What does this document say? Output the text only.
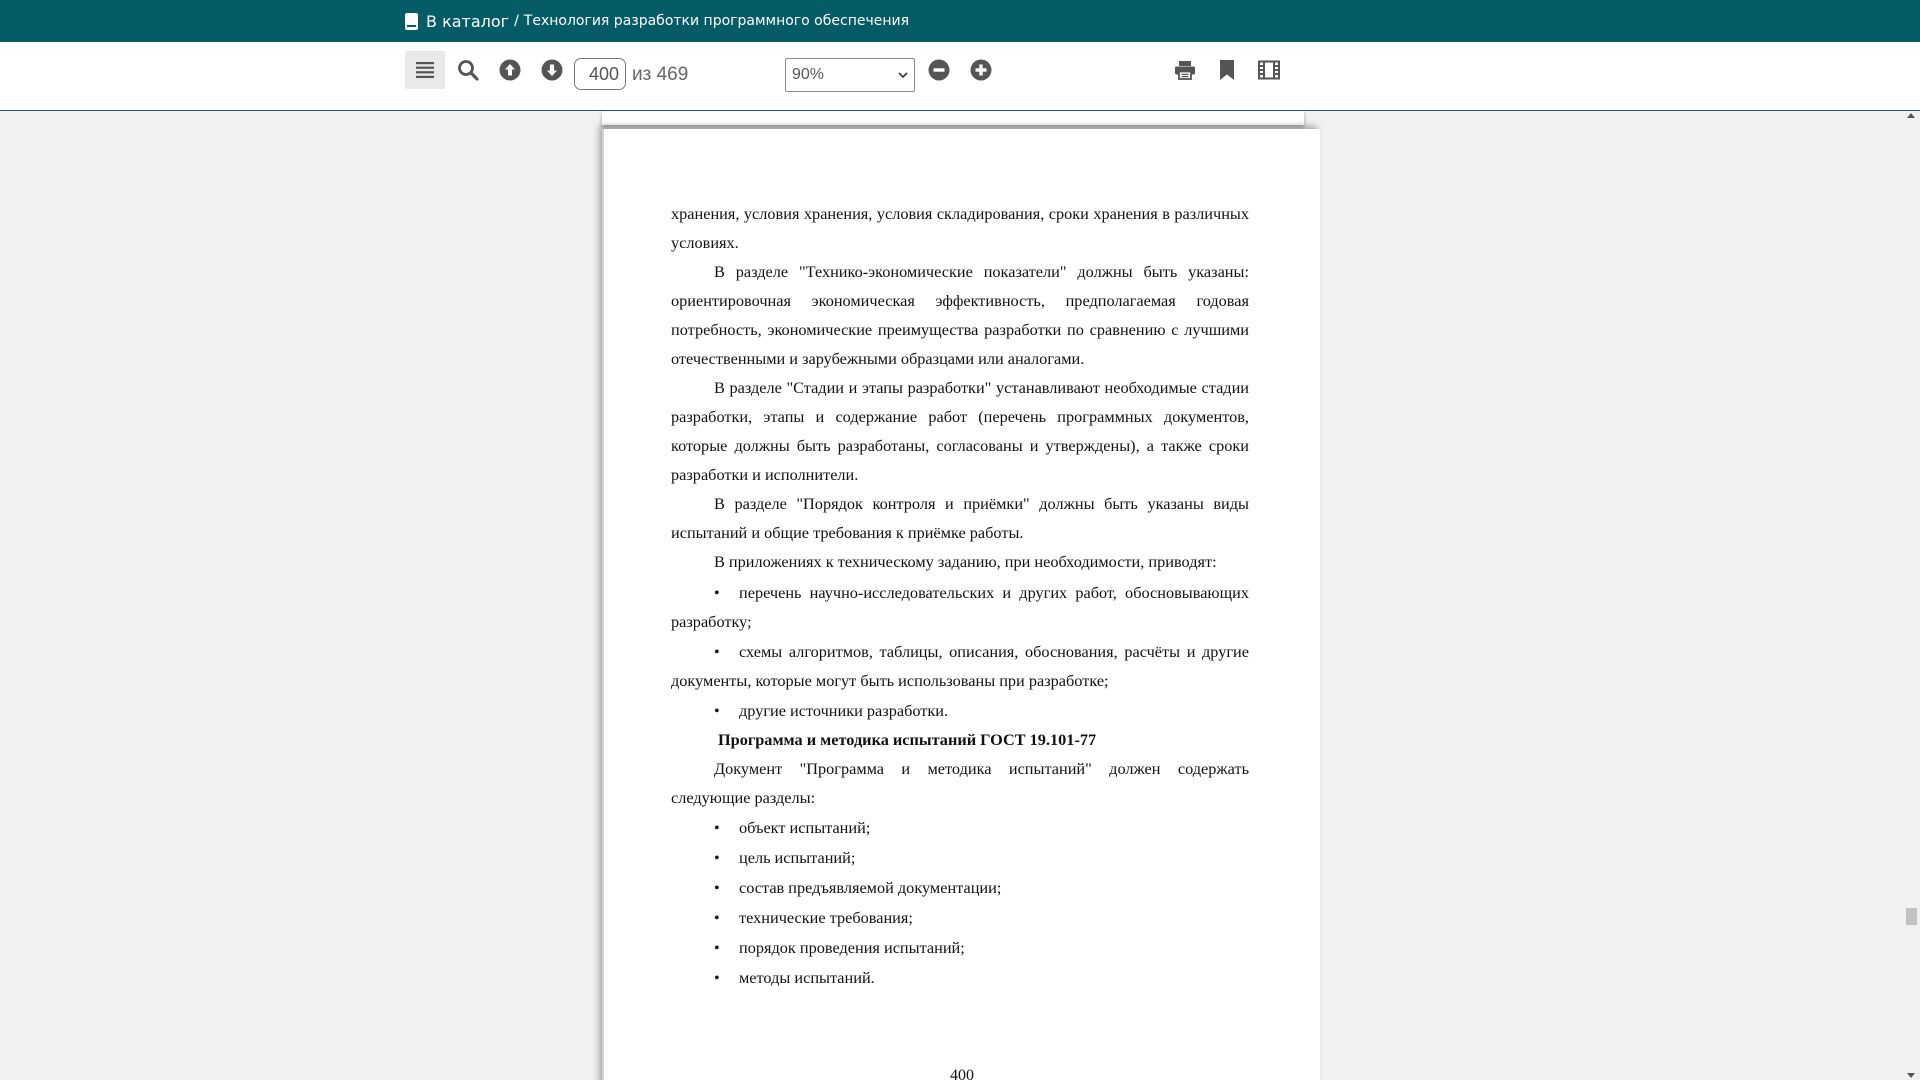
В каталог / Технология разработки программного обеспечения
400
из 469	90%

хранения, условия хранения, условия складирования, сроки хранения в различных условиях.

В разделе "Технико-экономические показатели" должны быть указаны: ориентировочная экономическая эффективность, предполагаемая годовая потребность, экономические преимущества разработки по сравнению с лучшими отечественными и зарубежными образцами или аналогами.

В разделе "Стадии и этапы разработки" устанавливают необходимые стадии разработки, этапы и содержание работ (перечень программных документов, которые должны быть разработаны, согласованы и утверждены), а также сроки разработки и исполнители.

В разделе "Порядок контроля и приёмки" должны быть указаны виды испытаний и общие требования к приёмке работы.

В приложениях к техническому заданию, при необходимости, приводят:

• перечень научно-исследовательских и других работ, обосновывающих разработку;

• схемы алгоритмов, таблицы, описания, обоснования, расчёты и другие документы, которые могут быть использованы при разработке;

• другие источники разработки.

Программа и методика испытаний ГОСТ 19.101-77

Документ "Программа и методика испытаний" должен содержать следующие разделы:

• объект испытаний;
• цель испытаний;
• состав предъявляемой документации;
• технические требования;
• порядок проведения испытаний;
• методы испытаний.
400
